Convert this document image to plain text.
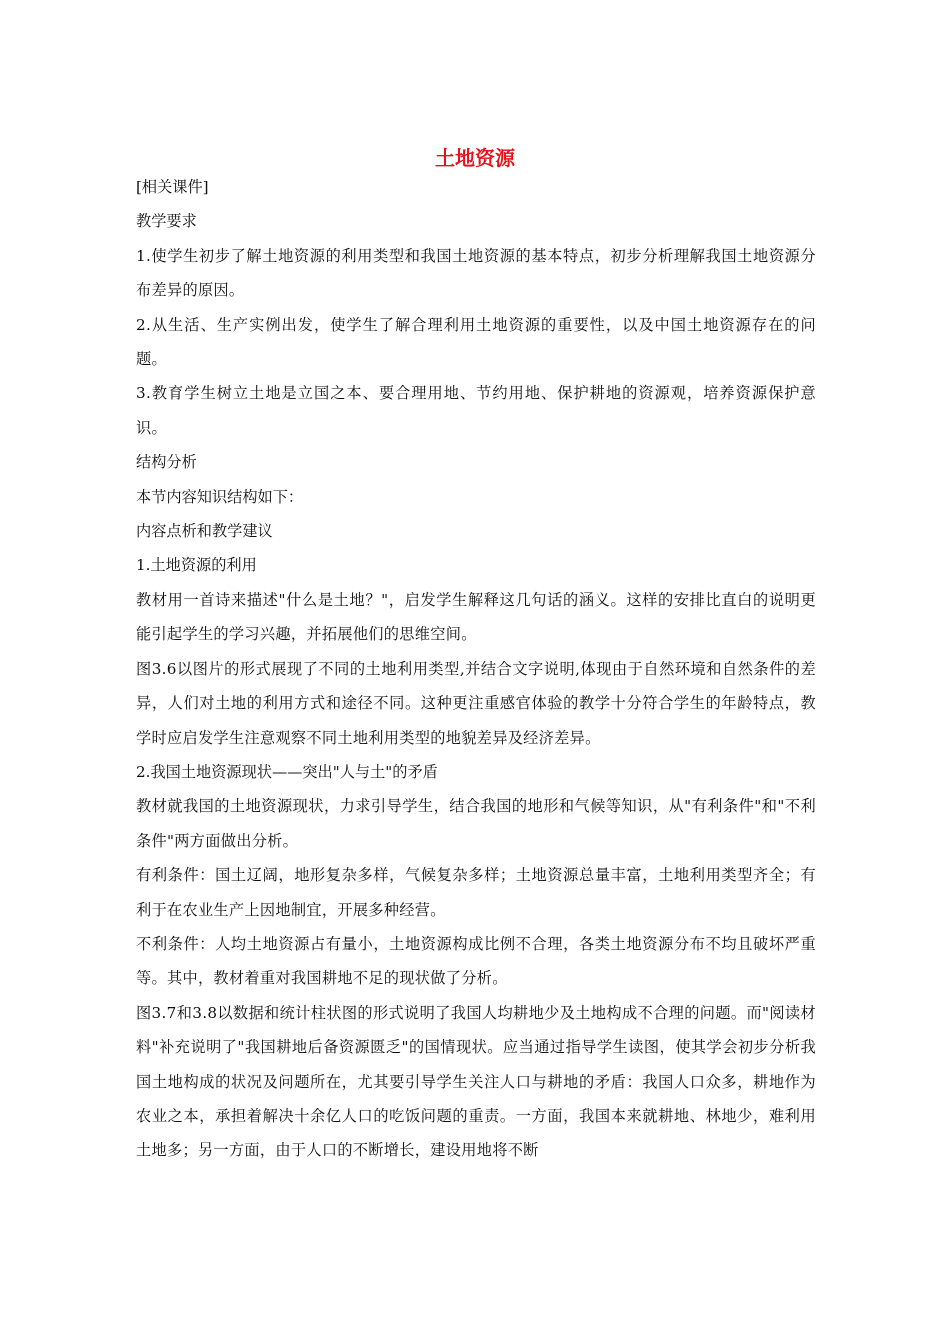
土地资源

[相关课件]

教学要求

1.使学生初步了解土地资源的利用类型和我国土地资源的基本特点，初步分析理解我国土地资源分布差异的原因。

2.从生活、生产实例出发，使学生了解合理利用土地资源的重要性，以及中国土地资源存在的问题。

3.教育学生树立土地是立国之本、要合理用地、节约用地、保护耕地的资源观，培养资源保护意识。

结构分析

本节内容知识结构如下：

内容点析和教学建议

1.土地资源的利用

教材用一首诗来描述"什么是土地？"，启发学生解释这几句话的涵义。这样的安排比直白的说明更能引起学生的学习兴趣，并拓展他们的思维空间。

图3.6以图片的形式展现了不同的土地利用类型,并结合文字说明,体现由于自然环境和自然条件的差异，人们对土地的利用方式和途径不同。这种更注重感官体验的教学十分符合学生的年龄特点，教学时应启发学生注意观察不同土地利用类型的地貌差异及经济差异。

2.我国土地资源现状——突出"人与土"的矛盾

教材就我国的土地资源现状，力求引导学生，结合我国的地形和气候等知识，从"有利条件"和"不利条件"两方面做出分析。

有利条件：国土辽阔，地形复杂多样，气候复杂多样；土地资源总量丰富，土地利用类型齐全；有利于在农业生产上因地制宜，开展多种经营。

不利条件：人均土地资源占有量小，土地资源构成比例不合理，各类土地资源分布不均且破坏严重等。其中，教材着重对我国耕地不足的现状做了分析。

图3.7和3.8以数据和统计柱状图的形式说明了我国人均耕地少及土地构成不合理的问题。而"阅读材料"补充说明了"我国耕地后备资源匮乏"的国情现状。应当通过指导学生读图，使其学会初步分析我国土地构成的状况及问题所在，尤其要引导学生关注人口与耕地的矛盾：我国人口众多，耕地作为农业之本，承担着解决十余亿人口的吃饭问题的重责。一方面，我国本来就耕地、林地少，难利用土地多；另一方面，由于人口的不断增长，建设用地将不断
